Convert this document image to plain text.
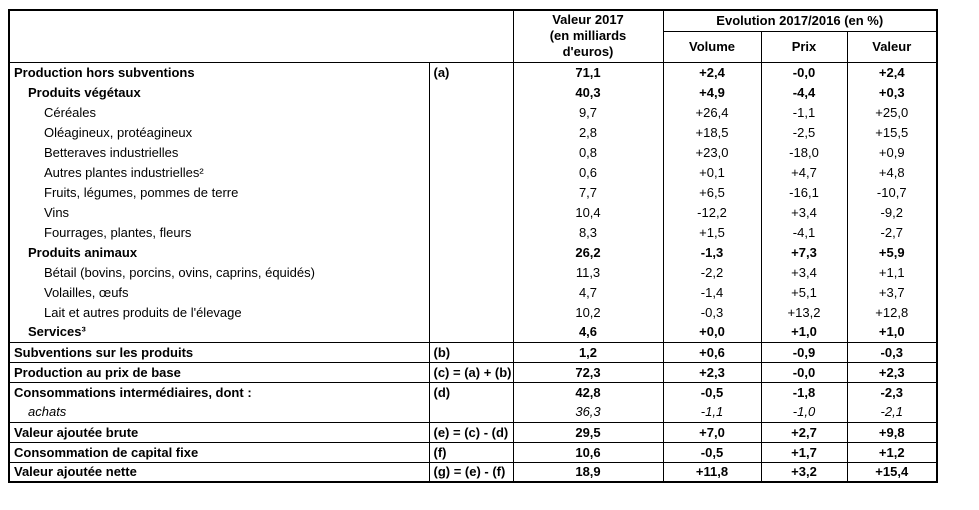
		Valeur 2017
(en milliards
d'euros)	Evolution 2017/2016 (en %)		
			Volume	Prix	Valeur
Production hors subventions	(a)	71,1	+2,4	-0,0	+2,4
Produits végétaux		40,3	+4,9	-4,4	+0,3
Céréales		9,7	+26,4	-1,1	+25,0
Oléagineux, protéagineux		2,8	+18,5	-2,5	+15,5
Betteraves industrielles		0,8	+23,0	-18,0	+0,9
Autres plantes industrielles²		0,6	+0,1	+4,7	+4,8
Fruits, légumes, pommes de terre		7,7	+6,5	-16,1	-10,7
Vins		10,4	-12,2	+3,4	-9,2
Fourrages, plantes, fleurs		8,3	+1,5	-4,1	-2,7
Produits animaux		26,2	-1,3	+7,3	+5,9
Bétail (bovins, porcins, ovins, caprins, équidés)		11,3	-2,2	+3,4	+1,1
Volailles, œufs		4,7	-1,4	+5,1	+3,7
Lait et autres produits de l'élevage		10,2	-0,3	+13,2	+12,8
Services³		4,6	+0,0	+1,0	+1,0
Subventions sur les produits	(b)	1,2	+0,6	-0,9	-0,3
Production au prix de base	(c) = (a) + (b)	72,3	+2,3	-0,0	+2,3
Consommations intermédiaires, dont :	(d)	42,8	-0,5	-1,8	-2,3
achats		36,3	-1,1	-1,0	-2,1
Valeur ajoutée brute	(e) = (c) - (d)	29,5	+7,0	+2,7	+9,8
Consommation de capital fixe	(f)	10,6	-0,5	+1,7	+1,2
Valeur ajoutée nette	(g) = (e) - (f)	18,9	+11,8	+3,2	+15,4
